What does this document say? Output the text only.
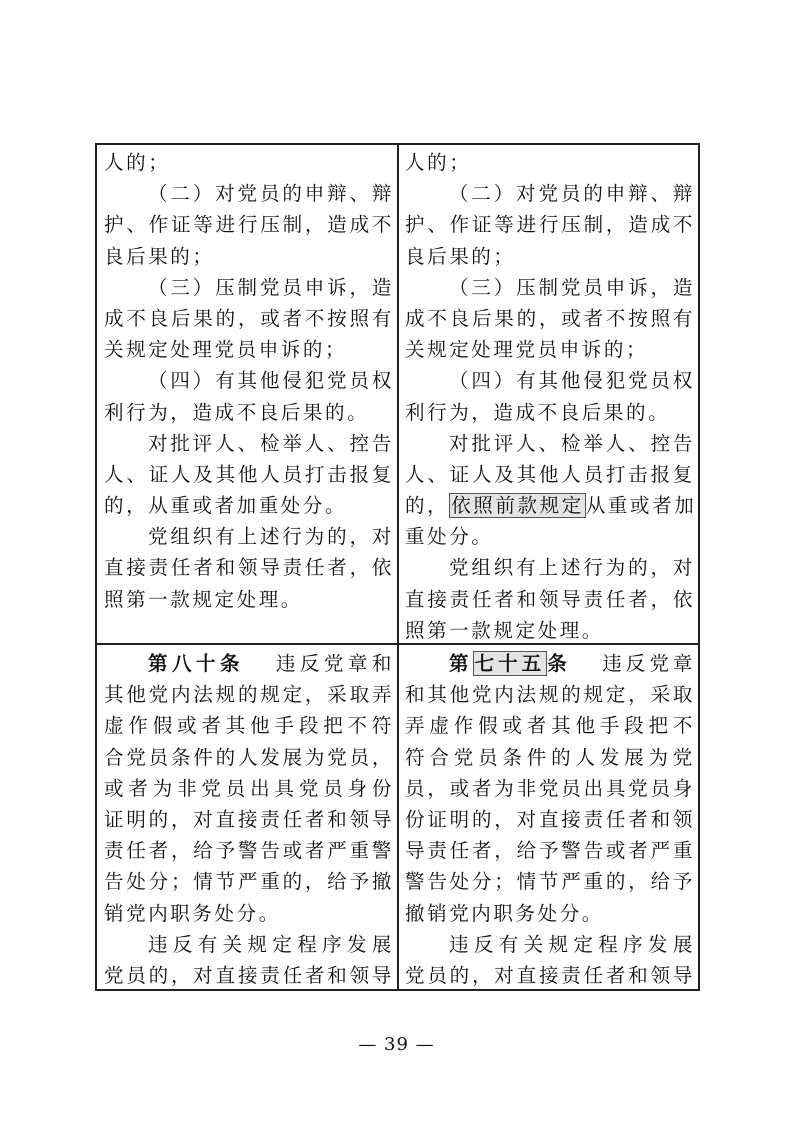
人的；
（二）对党员的申辩、辩
护、作证等进行压制，造成不
良后果的；
（三）压制党员申诉，造
成不良后果的，或者不按照有
关规定处理党员申诉的；
（四）有其他侵犯党员权
利行为，造成不良后果的。
对批评人、检举人、控告
人、证人及其他人员打击报复
的，从重或者加重处分。
党组织有上述行为的，对
直接责任者和领导责任者，依
照第一款规定处理。
人的；
（二）对党员的申辩、辩
护、作证等进行压制，造成不
良后果的；
（三）压制党员申诉，造
成不良后果的，或者不按照有
关规定处理党员申诉的；
（四）有其他侵犯党员权
利行为，造成不良后果的。
对批评人、检举人、控告
人、证人及其他人员打击报复
的， 依照前款规定 从重或者加
重处分。
党组织有上述行为的，对
直接责任者和领导责任者，依
照第一款规定处理。
第八十条 违反党章和
其他党内法规的规定，采取弄
虚作假或者其他手段把不符
合党员条件的人发展为党员，
或者为非党员出具党员身份
证明的，对直接责任者和领导
责任者，给予警告或者严重警
告处分；情节严重的，给予撤
销党内职务处分。
违反有关规定程序发展
党员的，对直接责任者和领导
第 七十五 条 违反党章
和其他党内法规的规定，采取
弄虚作假或者其他手段把不
符合党员条件的人发展为党
员，或者为非党员出具党员身
份证明的，对直接责任者和领
导责任者，给予警告或者严重
警告处分；情节严重的，给予
撤销党内职务处分。
违反有关规定程序发展
党员的，对直接责任者和领导
— 39 —
